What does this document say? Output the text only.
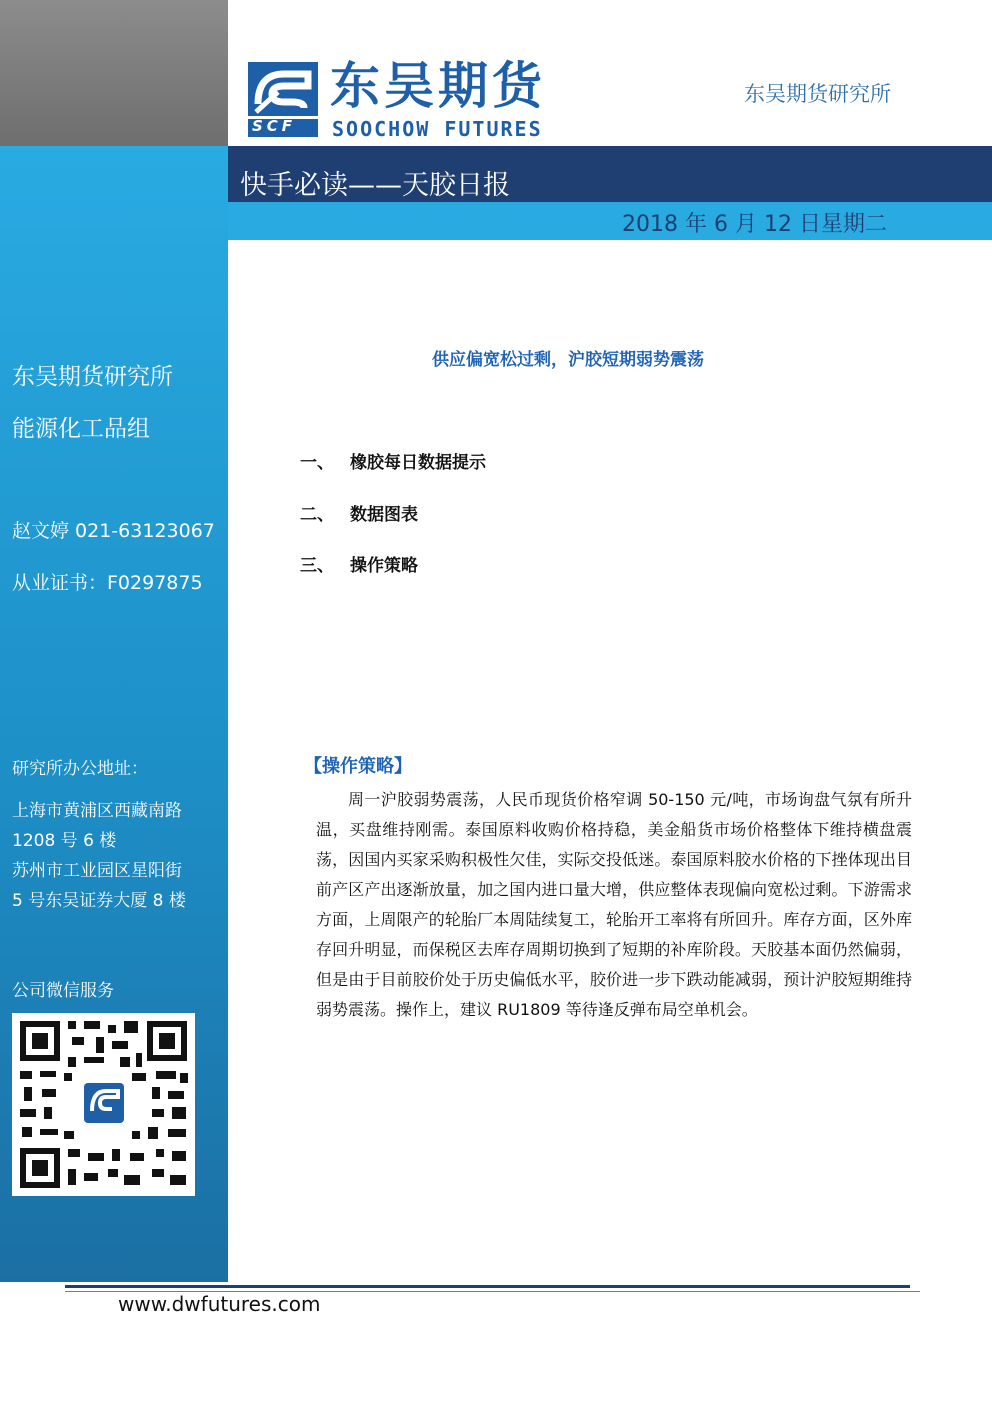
SCF
东吴期货
SOOCHOW FUTURES
东吴期货研究所
快手必读——天胶日报
2018 年 6 月 12 日星期二
东吴期货研究所
能源化工品组
赵文婷 021-63123067
从业证书：F0297875
研究所办公地址：
上海市黄浦区西藏南路
1208 号 6 楼
苏州市工业园区星阳街
5 号东吴证券大厦 8 楼
公司微信服务
供应偏宽松过剩，沪胶短期弱势震荡
一、 橡胶每日数据提示
二、 数据图表
三、 操作策略
【操作策略】

周一沪胶弱势震荡，人民币现货价格窄调 50-150 元/吨，市场询盘气氛有所升温，买盘维持刚需。泰国原料收购价格持稳，美金船货市场价格整体下维持横盘震荡，因国内买家采购积极性欠佳，实际交投低迷。泰国原料胶水价格的下挫体现出目前产区产出逐渐放量，加之国内进口量大增，供应整体表现偏向宽松过剩。下游需求方面，上周限产的轮胎厂本周陆续复工，轮胎开工率将有所回升。库存方面，区外库存回升明显，而保税区去库存周期切换到了短期的补库阶段。天胶基本面仍然偏弱，但是由于目前胶价处于历史偏低水平，胶价进一步下跌动能减弱，预计沪胶短期维持弱势震荡。操作上，建议 RU1809 等待逢反弹布局空单机会。

www.dwfutures.com
